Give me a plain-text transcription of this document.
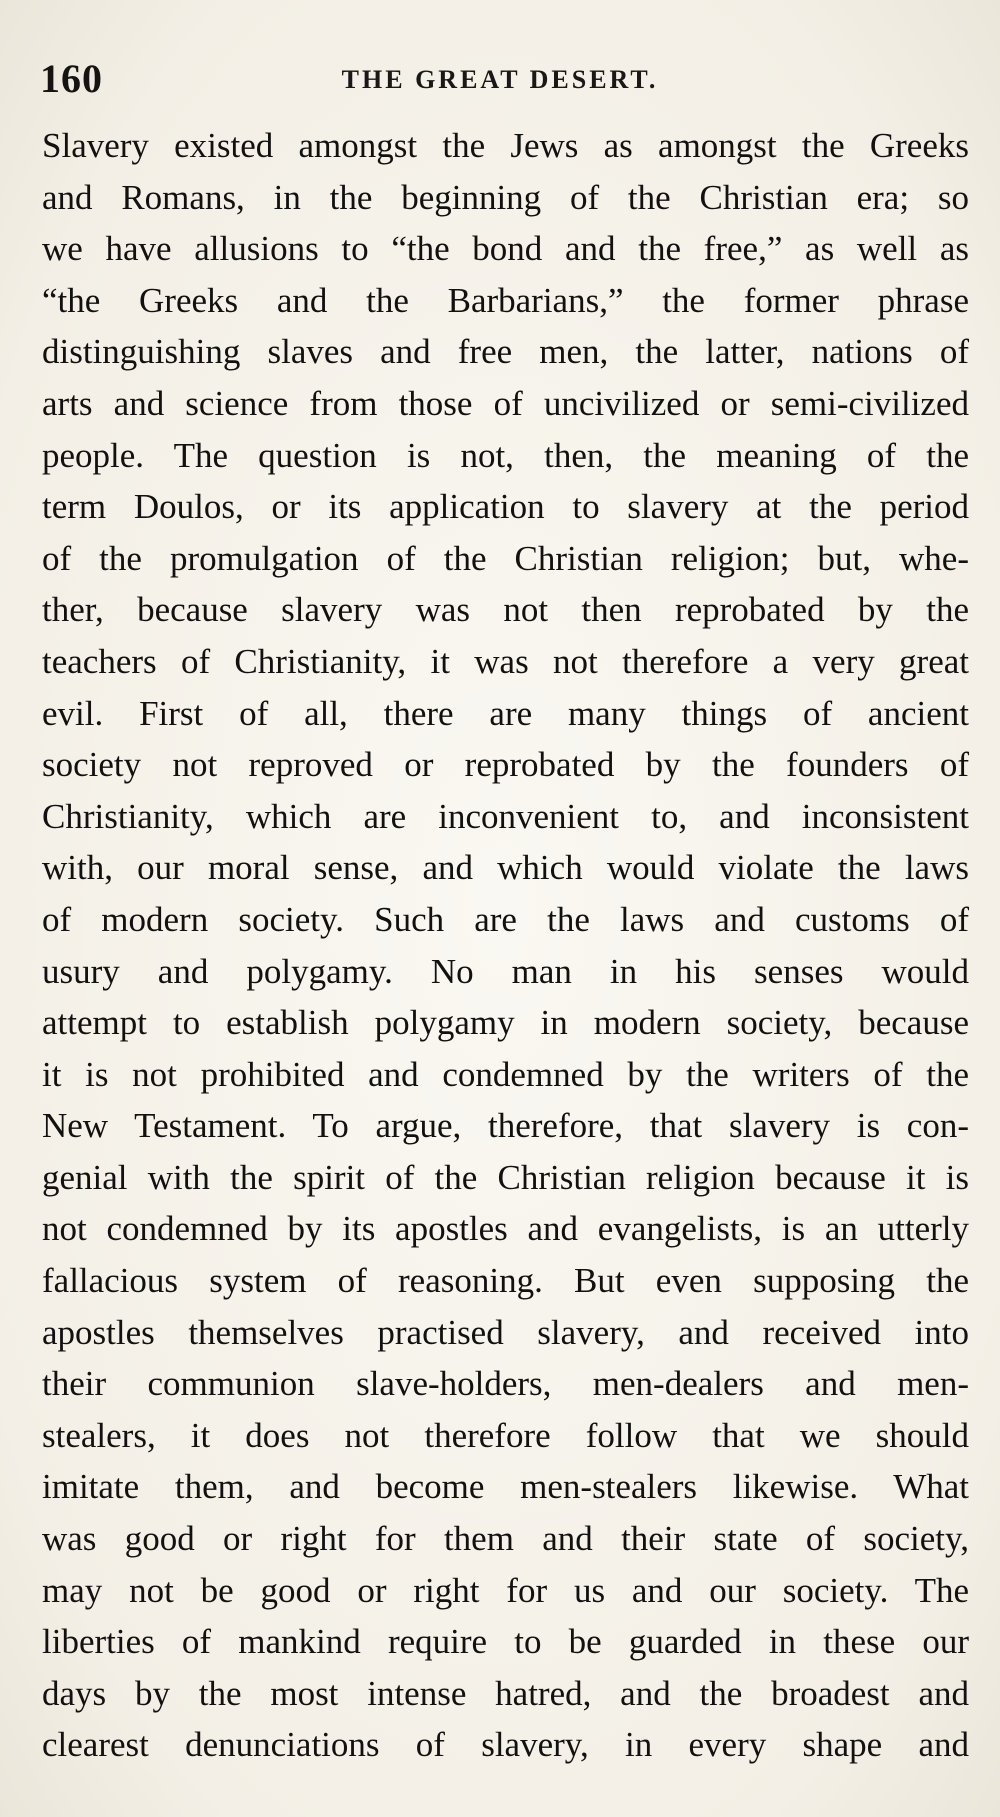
160	THE GREAT DESERT.
Slavery existed amongst the Jews as amongst the Greeks
and Romans, in the beginning of the Christian era; so
we have allusions to “the bond and the free,” as well as
“the Greeks and the Barbarians,” the former phrase
distinguishing slaves and free men, the latter, nations of
arts and science from those of uncivilized or semi-civilized
people. The question is not, then, the meaning of the
term Doulos, or its application to slavery at the period
of the promulgation of the Christian religion; but, whe-
ther, because slavery was not then reprobated by the
teachers of Christianity, it was not therefore a very great
evil. First of all, there are many things of ancient
society not reproved or reprobated by the founders of
Christianity, which are inconvenient to, and inconsistent
with, our moral sense, and which would violate the laws
of modern society. Such are the laws and customs of
usury and polygamy. No man in his senses would
attempt to establish polygamy in modern society, because
it is not prohibited and condemned by the writers of the
New Testament. To argue, therefore, that slavery is con-
genial with the spirit of the Christian religion because it is
not condemned by its apostles and evangelists, is an utterly
fallacious system of reasoning. But even supposing the
apostles themselves practised slavery, and received into
their communion slave-holders, men-dealers and men-
stealers, it does not therefore follow that we should
imitate them, and become men-stealers likewise. What
was good or right for them and their state of society,
may not be good or right for us and our society. The
liberties of mankind require to be guarded in these our
days by the most intense hatred, and the broadest and
clearest denunciations of slavery, in every shape and
